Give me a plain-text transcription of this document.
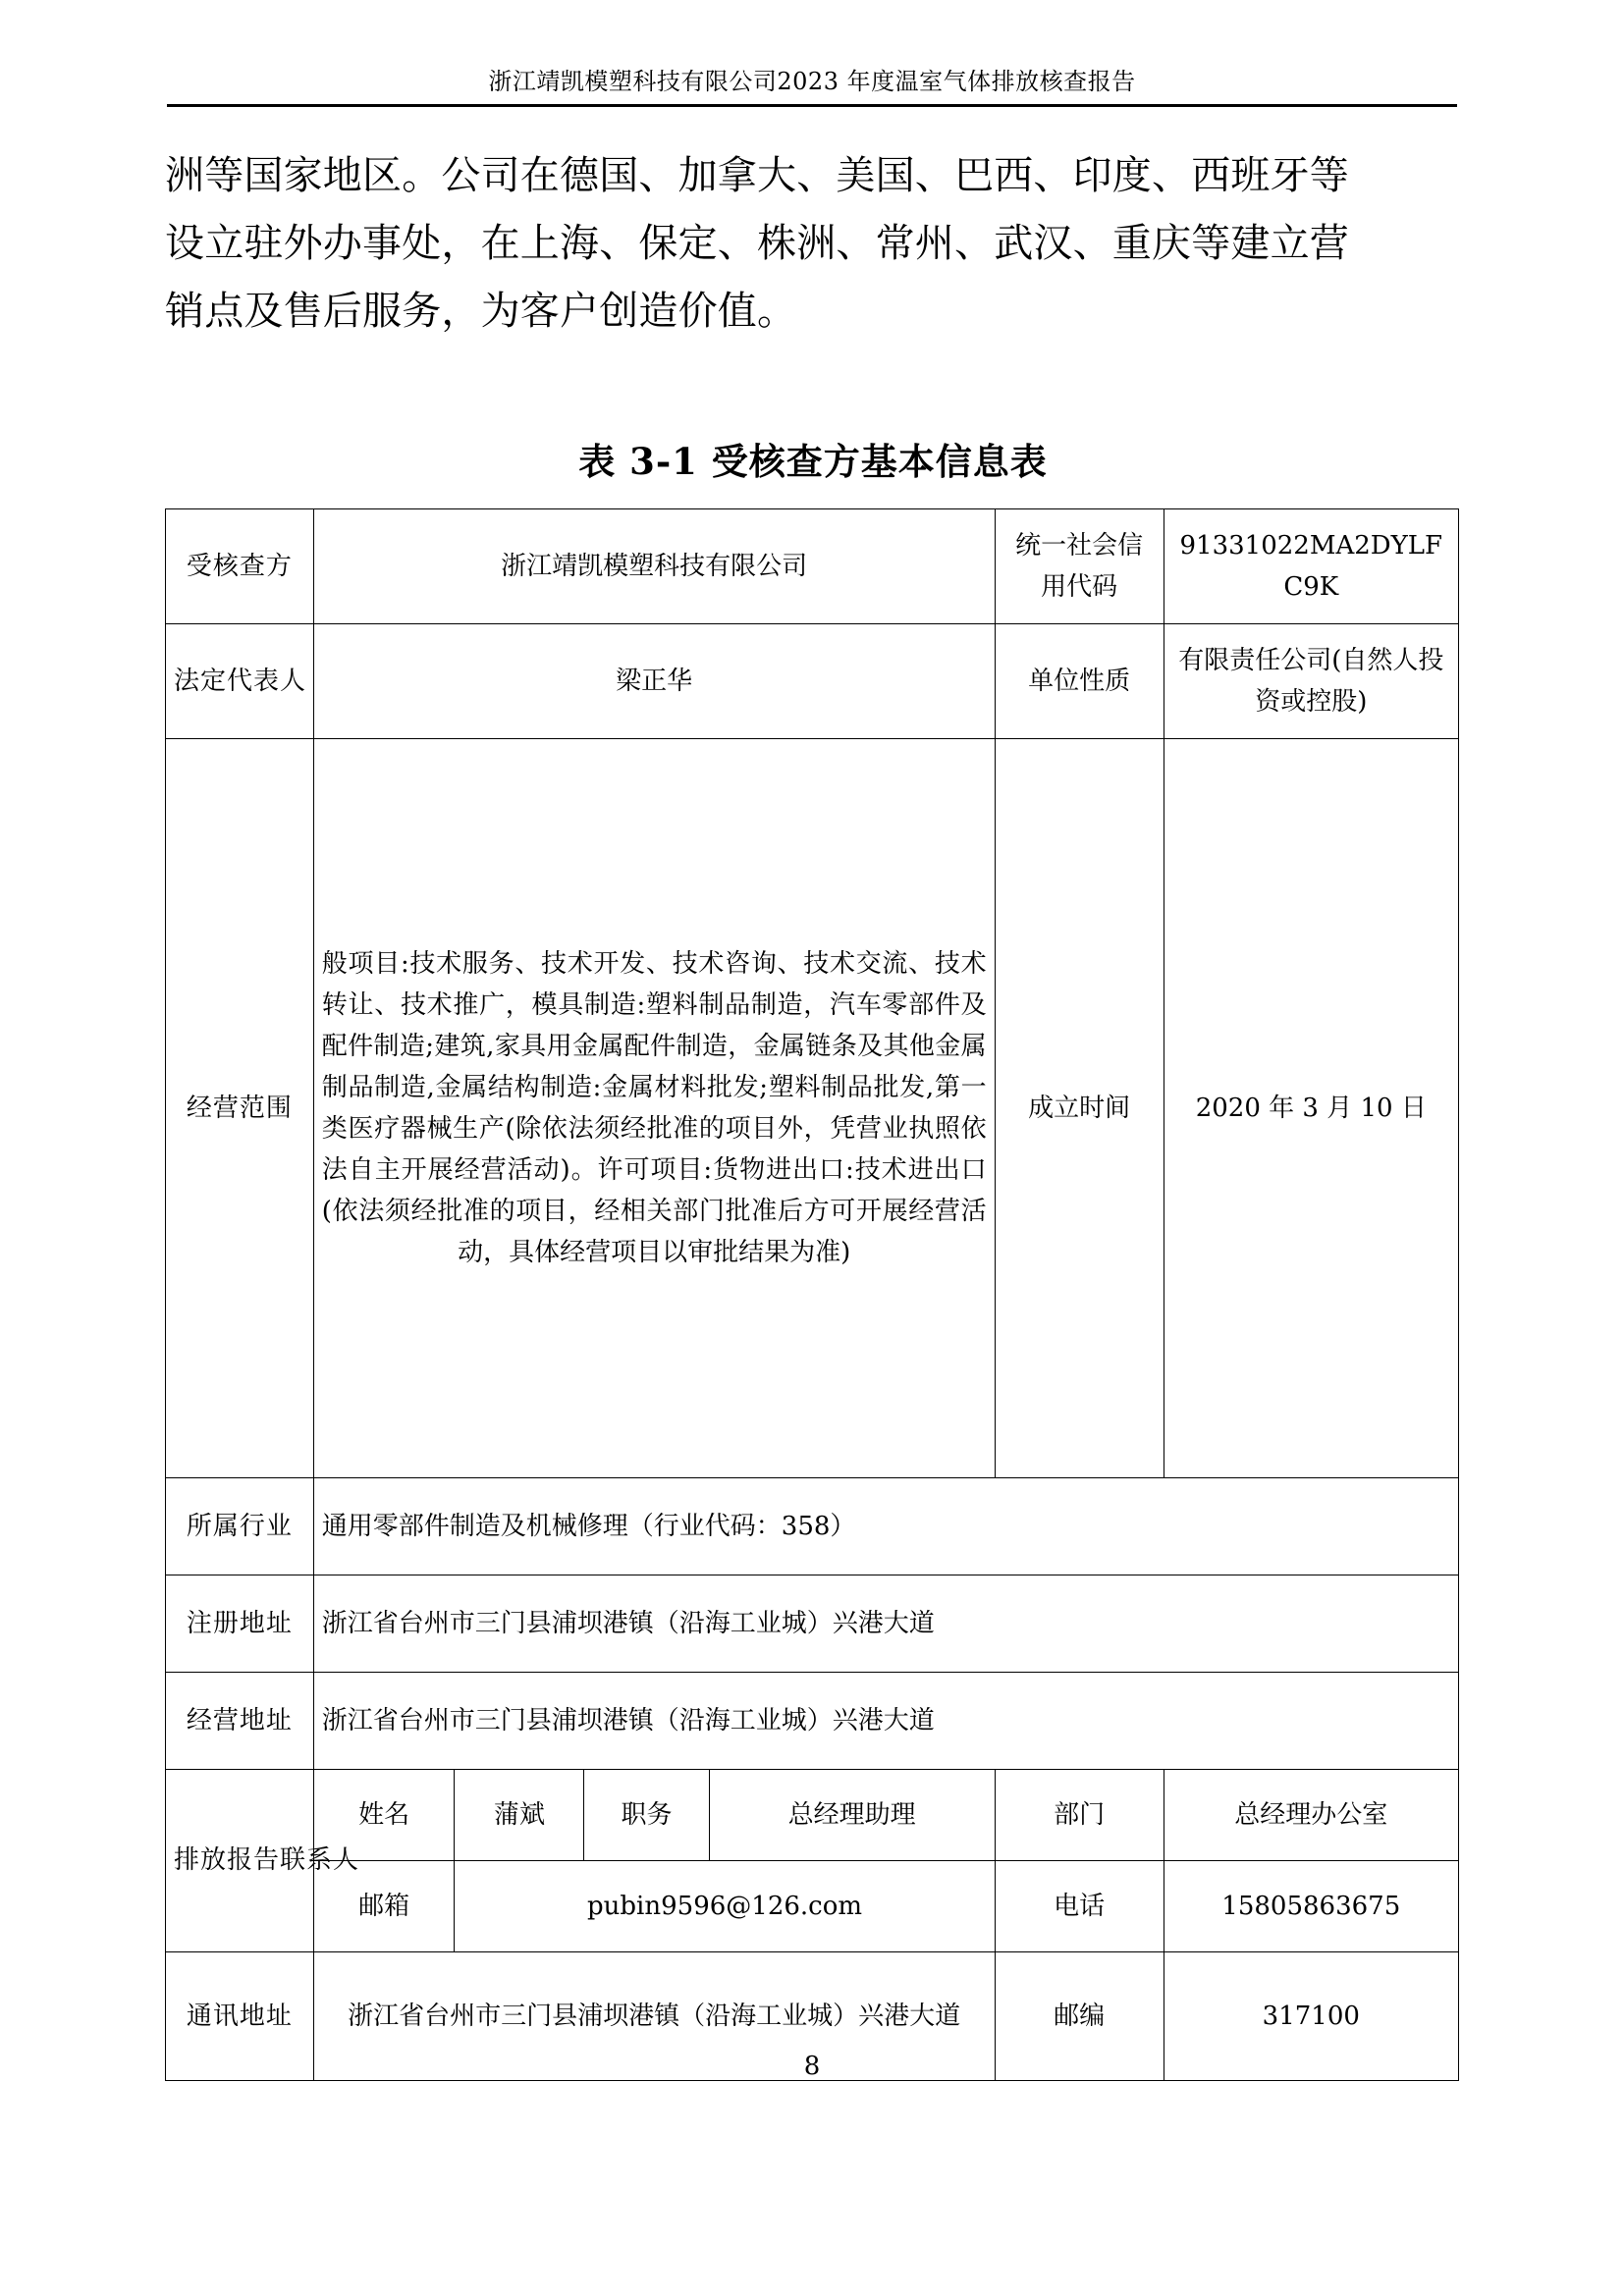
浙江靖凯模塑科技有限公司2023 年度温室气体排放核查报告
洲等国家地区。公司在德国、加拿大、美国、巴西、印度、西班牙等
设立驻外办事处，在上海、保定、株洲、常州、武汉、重庆等建立营
销点及售后服务，为客户创造价值。
表 3-1 受核查方基本信息表
受核查方	浙江靖凯模塑科技有限公司				统一社会信用代码	91331022MA2DYLFC9K
法定代表人	梁正华				单位性质	有限责任公司(自然人投资或控股)
经营范围	般项目:技术服务、技术开发、技术咨询、技术交流、技术转让、技术推广，模具制造:塑料制品制造，汽车零部件及配件制造;建筑,家具用金属配件制造，金属链条及其他金属制品制造,金属结构制造:金属材料批发;塑料制品批发,第一类医疗器械生产(除依法须经批准的项目外，凭营业执照依法自主开展经营活动)。许可项目:货物进出口:技术进出口(依法须经批准的项目，经相关部门批准后方可开展经营活动，具体经营项目以审批结果为准)				成立时间	2020 年 3 月 10 日
所属行业	通用零部件制造及机械修理（行业代码：358）					
注册地址	浙江省台州市三门县浦坝港镇（沿海工业城）兴港大道					
经营地址	浙江省台州市三门县浦坝港镇（沿海工业城）兴港大道					

排放报告联系人	姓名	蒲斌	职务	总经理助理	部门	总经理办公室
	邮箱	pubin9596@126.com			电话	15805863675
通讯地址	浙江省台州市三门县浦坝港镇（沿海工业城）兴港大道				邮编	317100
8
